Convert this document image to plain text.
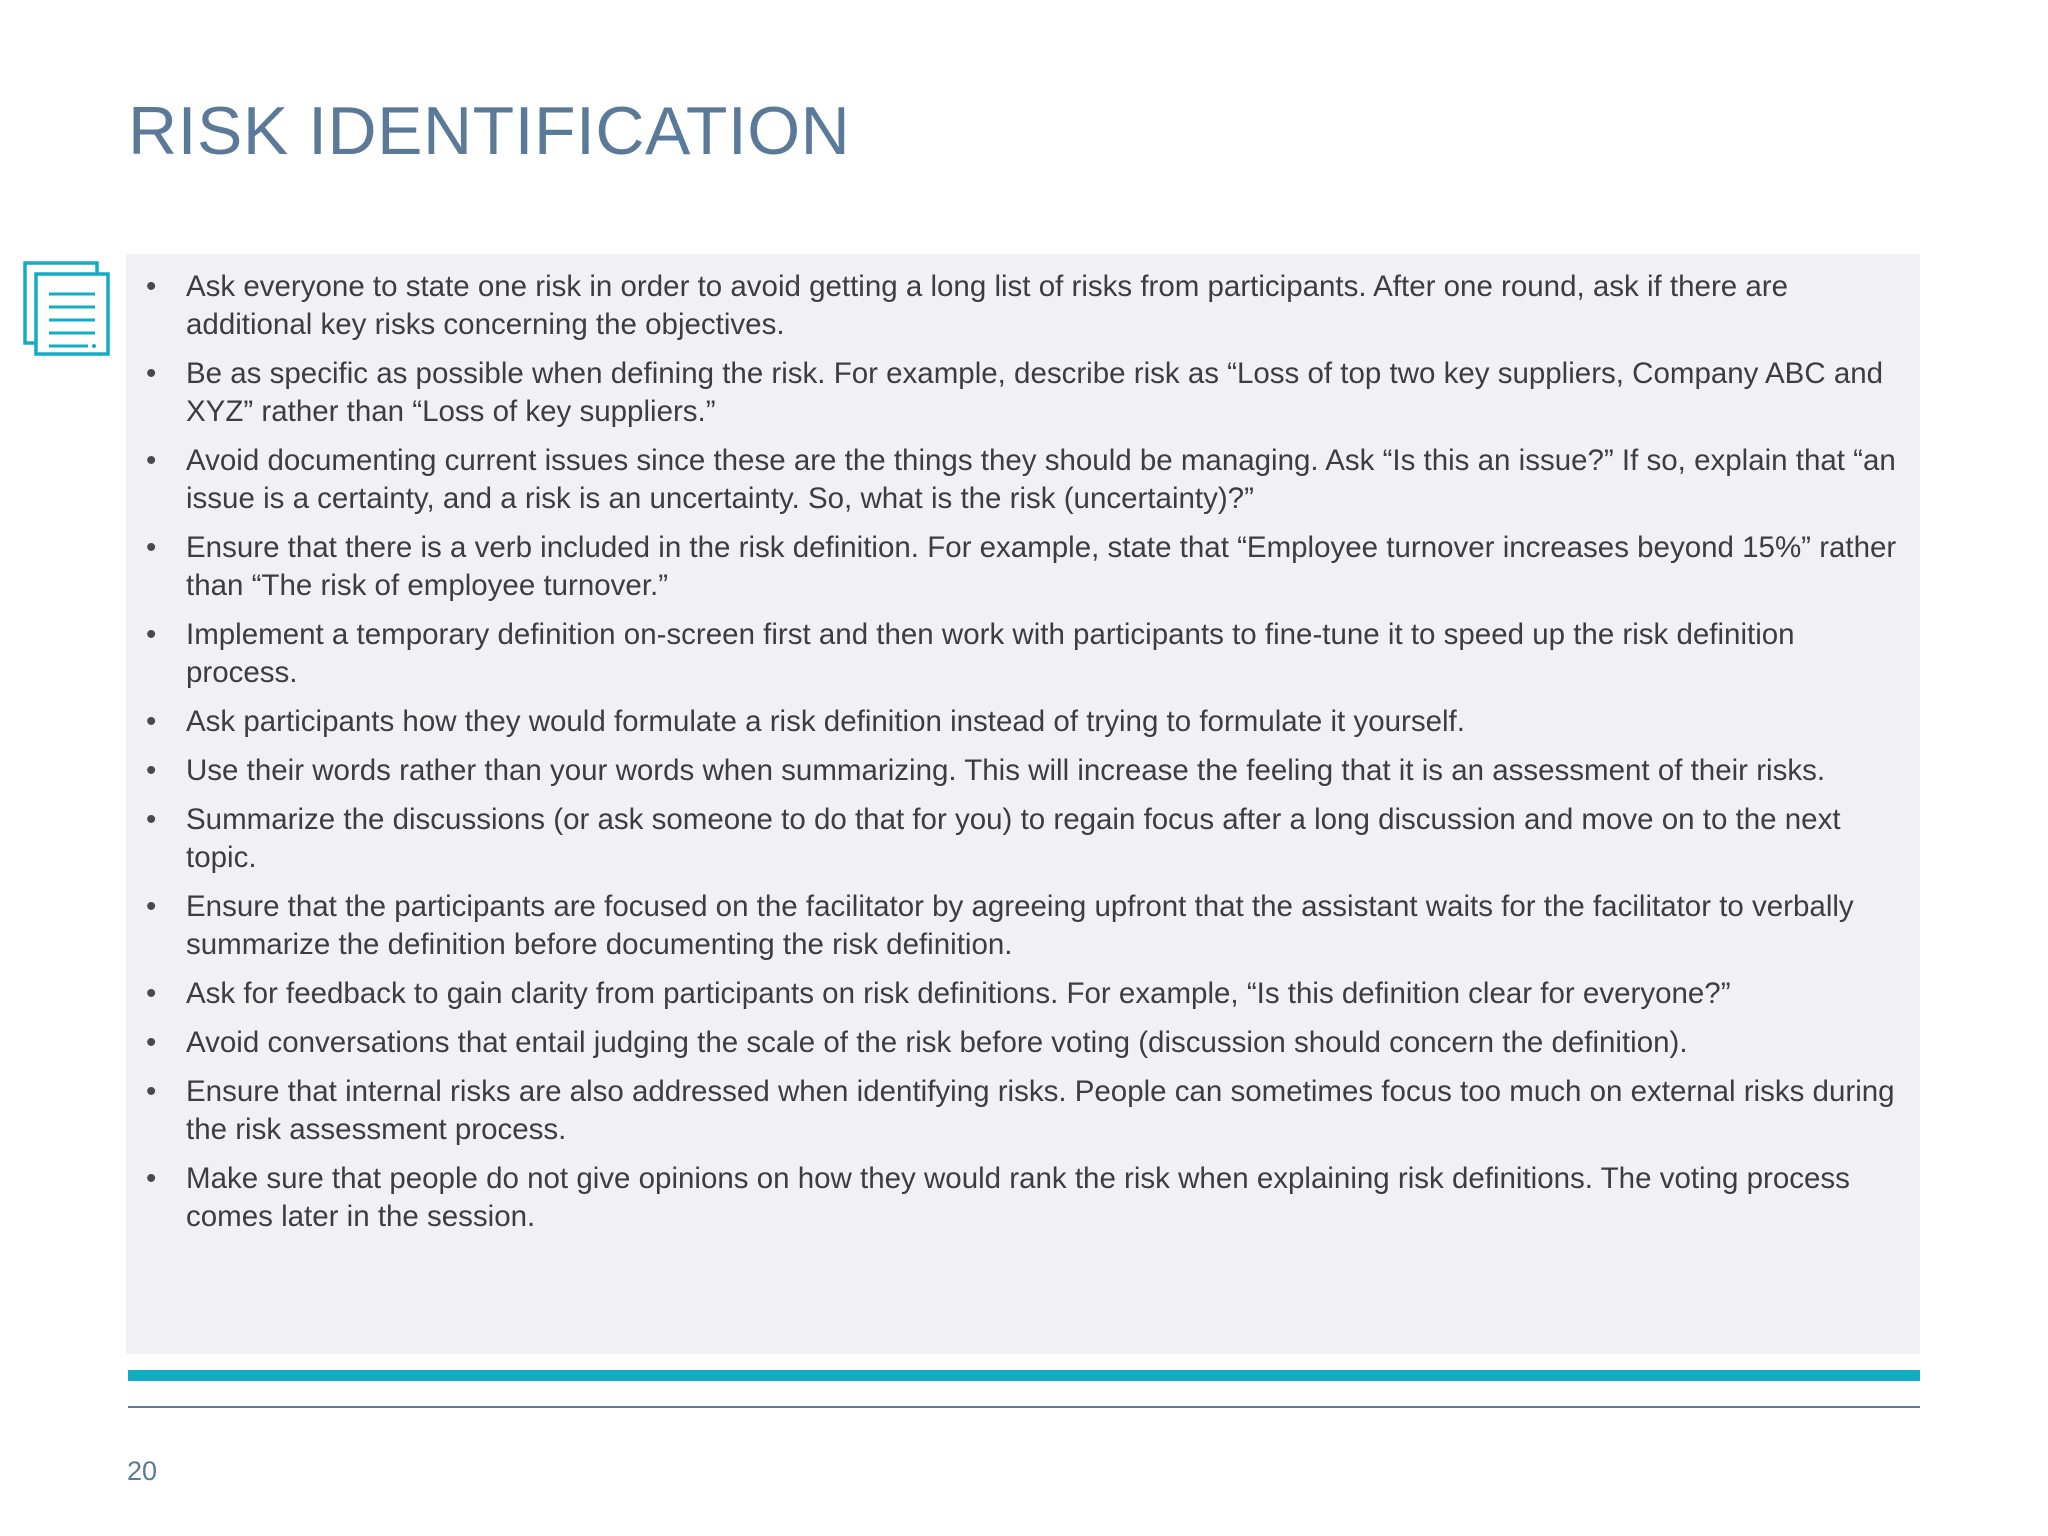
RISK IDENTIFICATION
• Ask everyone to state one risk in order to avoid getting a long list of risks from participants. After one round, ask if there are additional key risks concerning the objectives.
• Be as specific as possible when defining the risk. For example, describe risk as “Loss of top two key suppliers, Company ABC and XYZ” rather than “Loss of key suppliers.”
• Avoid documenting current issues since these are the things they should be managing. Ask “Is this an issue?” If so, explain that “an issue is a certainty, and a risk is an uncertainty. So, what is the risk (uncertainty)?”
• Ensure that there is a verb included in the risk definition. For example, state that “Employee turnover increases beyond 15%” rather than “The risk of employee turnover.”
• Implement a temporary definition on-screen first and then work with participants to fine-tune it to speed up the risk definition process.
• Ask participants how they would formulate a risk definition instead of trying to formulate it yourself.
• Use their words rather than your words when summarizing. This will increase the feeling that it is an assessment of their risks.
• Summarize the discussions (or ask someone to do that for you) to regain focus after a long discussion and move on to the next topic.
• Ensure that the participants are focused on the facilitator by agreeing upfront that the assistant waits for the facilitator to verbally summarize the definition before documenting the risk definition.
• Ask for feedback to gain clarity from participants on risk definitions. For example, “Is this definition clear for everyone?”
• Avoid conversations that entail judging the scale of the risk before voting (discussion should concern the definition).
• Ensure that internal risks are also addressed when identifying risks. People can sometimes focus too much on external risks during the risk assessment process.
• Make sure that people do not give opinions on how they would rank the risk when explaining risk definitions. The voting process comes later in the session.
20
